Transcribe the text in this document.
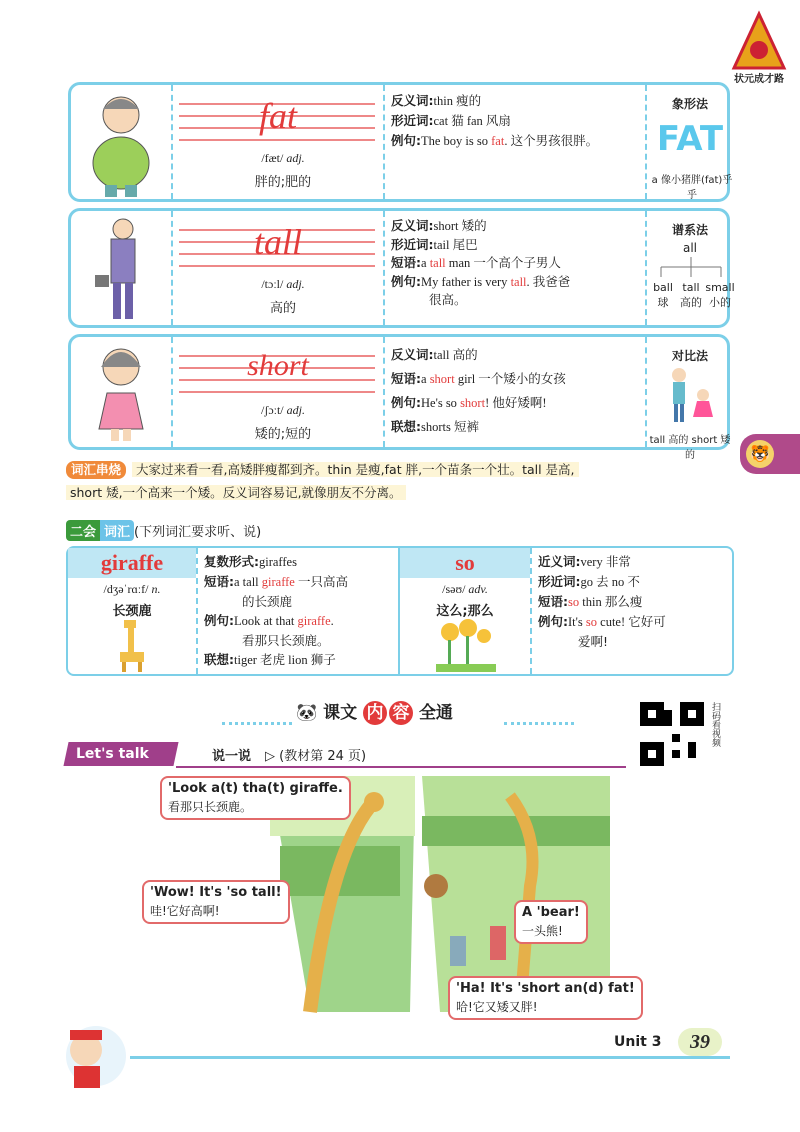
状元成才路
fat
/fæt/ adj.
胖的;肥的
反义词:thin 瘦的
形近词:cat 猫 fan 风扇
例句:The boy is so fat. 这个男孩很胖。
象形法
FAT
a 像小猪胖(fat)乎乎
tall
/tɔːl/ adj.
高的
反义词:short 矮的
形近词:tail 尾巴
短语:a tall man 一个高个子男人
例句:My father is very tall. 我爸爸
很高。
谱系法
all
ball
球
tall
高的
small
小的
short
/ʃɔːt/ adj.
矮的;短的
反义词:tall 高的
短语:a short girl 一个矮小的女孩
例句:He's so short! 他好矮啊!
联想:shorts 短裤
对比法
tall 高的 short 矮的	🐯
词汇串烧 大家过来看一看,高矮胖瘦都到齐。thin 是瘦,fat 胖,一个苗条一个壮。tall 是高,
short 矮,一个高来一个矮。反义词容易记,就像朋友不分离。
二会 词汇 (下列词汇要求听、说)
giraffe
/dʒəˈrɑːf/ n.
长颈鹿
复数形式:giraffes
短语:a tall giraffe 一只高高
的长颈鹿
例句:Look at that giraffe.
看那只长颈鹿。
联想:tiger 老虎 lion 狮子
so
/səʊ/ adv.
这么;那么
近义词:very 非常
形近词:go 去 no 不
短语:so thin 那么瘦
例句:It's so cute! 它好可
爱啊!
🐼 课文 内 容 全通	扫码看视频
Let's talk	说一说 ▷ (教材第 24 页)
'Look a(t) tha(t) giraffe.
看那只长颈鹿。
'Wow! It's 'so tall!
哇!它好高啊!	A 'bear!
一头熊!
'Ha! It's 'short an(d) fat!
哈!它又矮又胖!
Unit 3	39
